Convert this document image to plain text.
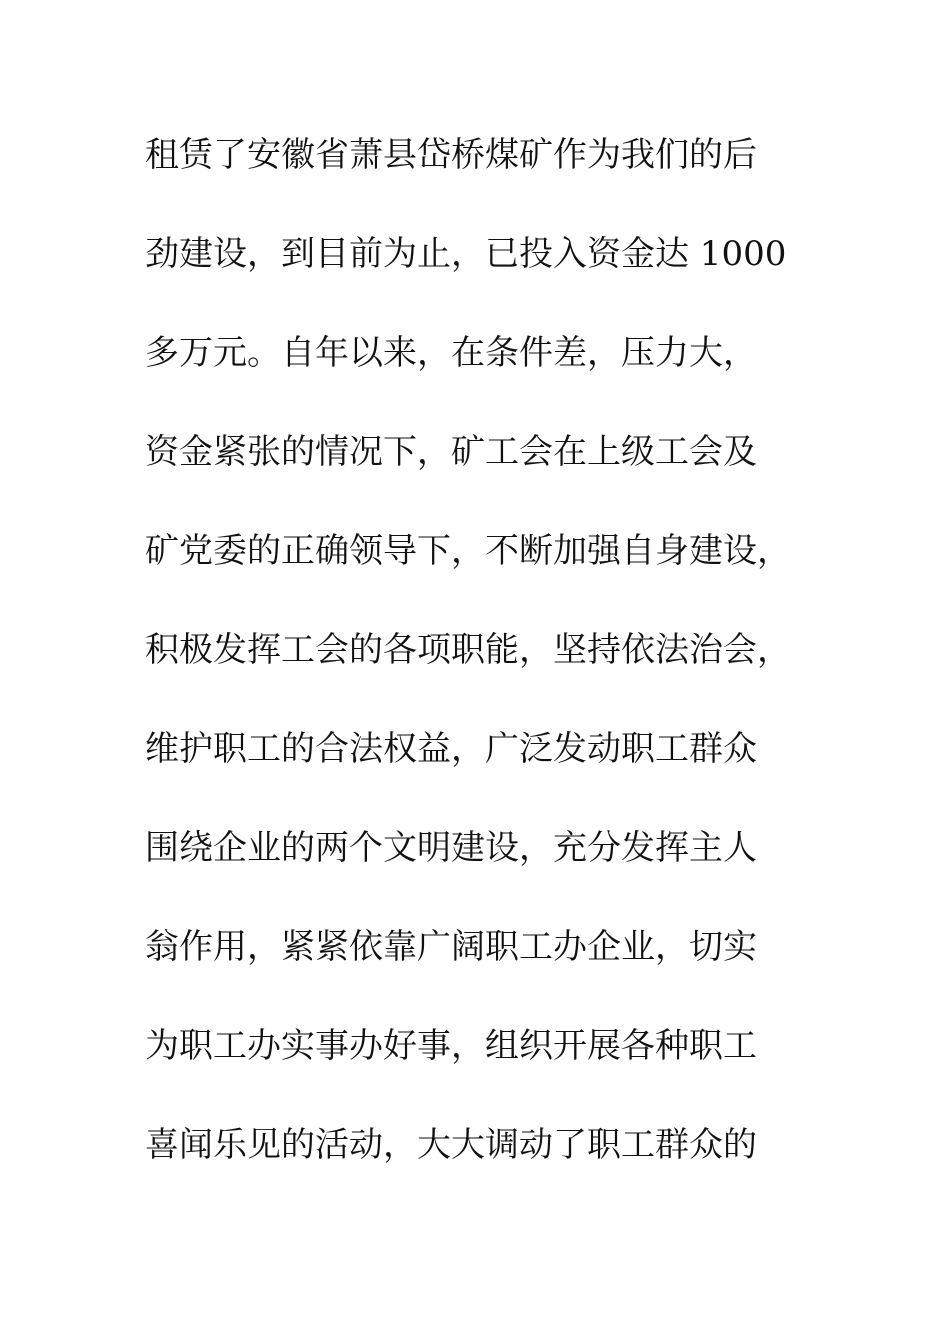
租赁了安徽省萧县岱桥煤矿作为我们的后
劲建设，到目前为止，已投入资金达 1000
多万元。自年以来，在条件差，压力大，
资金紧张的情况下，矿工会在上级工会及
矿党委的正确领导下，不断加强自身建设，
积极发挥工会的各项职能，坚持依法治会，
维护职工的合法权益，广泛发动职工群众
围绕企业的两个文明建设，充分发挥主人
翁作用，紧紧依靠广阔职工办企业，切实
为职工办实事办好事，组织开展各种职工
喜闻乐见的活动，大大调动了职工群众的
